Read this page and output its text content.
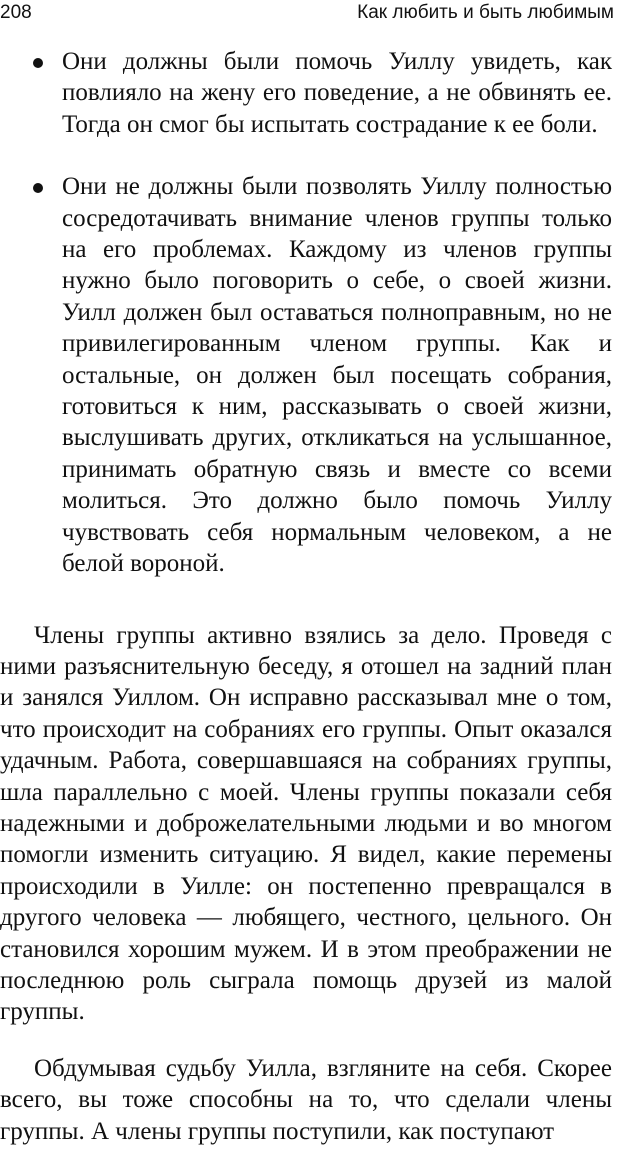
208	Как любить и быть любимым
Они должны были помочь Уиллу увидеть, как повлияло на жену его поведение, а не обвинять ее. Тогда он смог бы испытать сострадание к ее боли.
Они не должны были позволять Уиллу полностью сосредотачивать внимание членов группы только на его проблемах. Каждому из членов группы нужно было поговорить о себе, о своей жизни. Уилл должен был оставаться полноправным, но не привилегированным членом группы. Как и остальные, он должен был посещать собрания, готовиться к ним, рассказывать о своей жизни, выслушивать других, откликаться на услышанное, принимать обратную связь и вместе со всеми молиться. Это должно было помочь Уиллу чувствовать себя нормальным человеком, а не белой вороной.

Члены группы активно взялись за дело. Проведя с ними разъяснительную беседу, я отошел на задний план и занялся Уиллом. Он исправно рассказывал мне о том, что происходит на собраниях его группы. Опыт оказался удачным. Работа, совершавшаяся на собраниях группы, шла параллельно с моей. Члены группы показали себя надежными и доброжелательными людьми и во многом помогли изменить ситуацию. Я видел, какие перемены происходили в Уилле: он постепенно превращался в другого человека — любящего, честного, цельного. Он становился хорошим мужем. И в этом преображении не последнюю роль сыграла помощь друзей из малой группы.

Обдумывая судьбу Уилла, взгляните на себя. Скорее всего, вы тоже способны на то, что сделали члены группы. А члены группы поступили, как поступают
